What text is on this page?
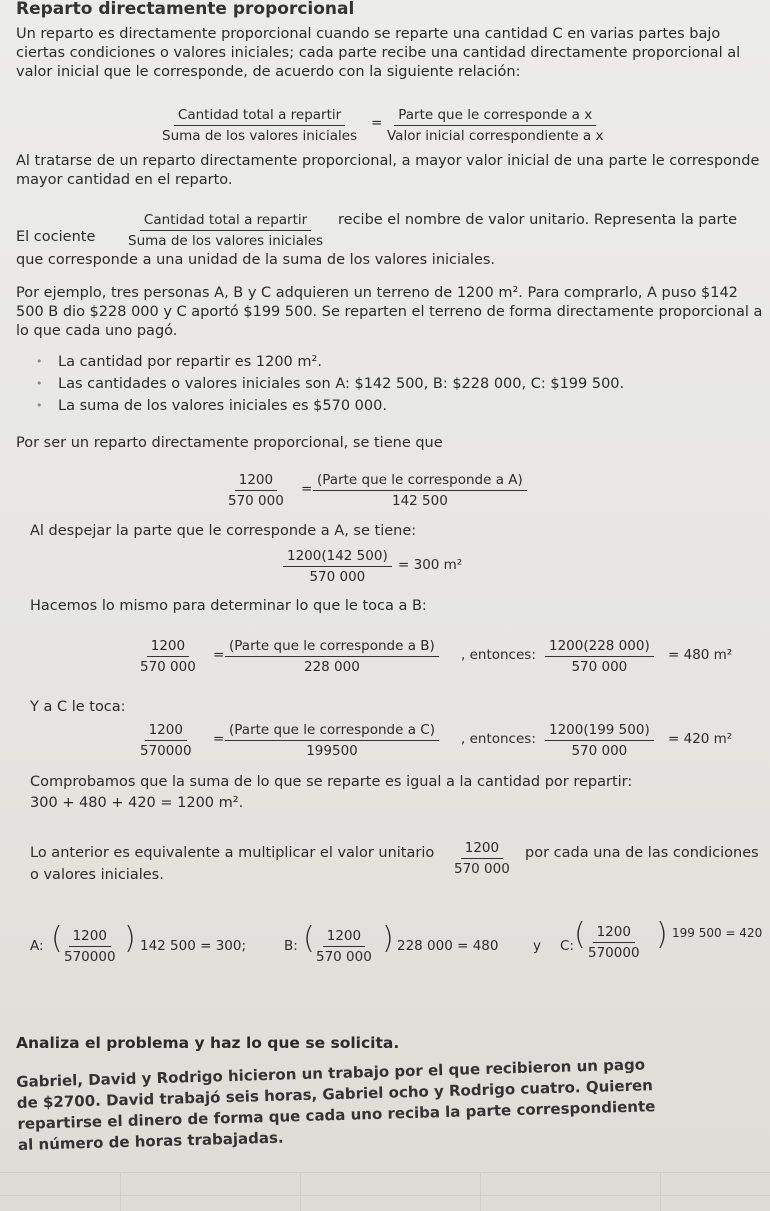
Reparto directamente proporcional
Un reparto es directamente proporcional cuando se reparte una cantidad C en varias partes bajo ciertas condiciones o valores iniciales; cada parte recibe una cantidad directamente proporcional al valor inicial que le corresponde, de acuerdo con la siguiente relación:
Cantidad total a repartir
Suma de los valores iniciales
= Parte que le corresponde a x
Valor inicial correspondiente a x
Al tratarse de un reparto directamente proporcional, a mayor valor inicial de una parte le corresponde mayor cantidad en el reparto.
El cociente
Cantidad total a repartir
Suma de los valores iniciales
recibe el nombre de valor unitario. Representa la parte
que corresponde a una unidad de la suma de los valores iniciales.
Por ejemplo, tres personas A, B y C adquieren un terreno de 1200 m². Para comprarlo, A puso $142 500 B dio $228 000 y C aportó $199 500. Se reparten el terreno de forma directamente proporcional a lo que cada uno pagó.
• La cantidad por repartir es 1200 m².
• Las cantidades o valores iniciales son A: $142 500, B: $228 000, C: $199 500.
• La suma de los valores iniciales es $570 000.
Por ser un reparto directamente proporcional, se tiene que
$\frac{1200}{570 000}$ =
(Parte que le corresponde a A)
142 500
Al despejar la parte que le corresponde a A, se tiene:
$\frac{1200(142 500)}{570 000} = 300$ m²
Hacemos lo mismo para determinar lo que le toca a B:
$\frac{1200}{570 000}$ =
(Parte que le corresponde a B)
228 000
, entonces: $\frac{1200(228 000)}{570 000} = 480$ m²
Y a C le toca:
$\frac{1200}{570000}$ =
(Parte que le corresponde a C)
199500
, entonces: $\frac{1200(199 500)}{570 000} = 420$ m²
Comprobamos que la suma de lo que se reparte es igual a la cantidad por repartir:
300 + 480 + 420 = 1200 m².
Lo anterior es equivalente a multiplicar el valor unitario $\frac{1200}{570 000}$ por cada una de las condiciones
o valores iniciales.
A: (
$\frac{1200}{570000}$ ) 142 500 = 300;	B: (
$\frac{1200}{570 000}$ ) 228 000 = 480	y C: (
$\frac{1200}{570000}$ ) 199 500 = 420
Analiza el problema y haz lo que se solicita.
Gabriel, David y Rodrigo hicieron un trabajo por el que recibieron un pago de $2700. David trabajó seis horas, Gabriel ocho y Rodrigo cuatro. Quieren repartirse el dinero de forma que cada uno reciba la parte correspondiente al número de horas trabajadas.
